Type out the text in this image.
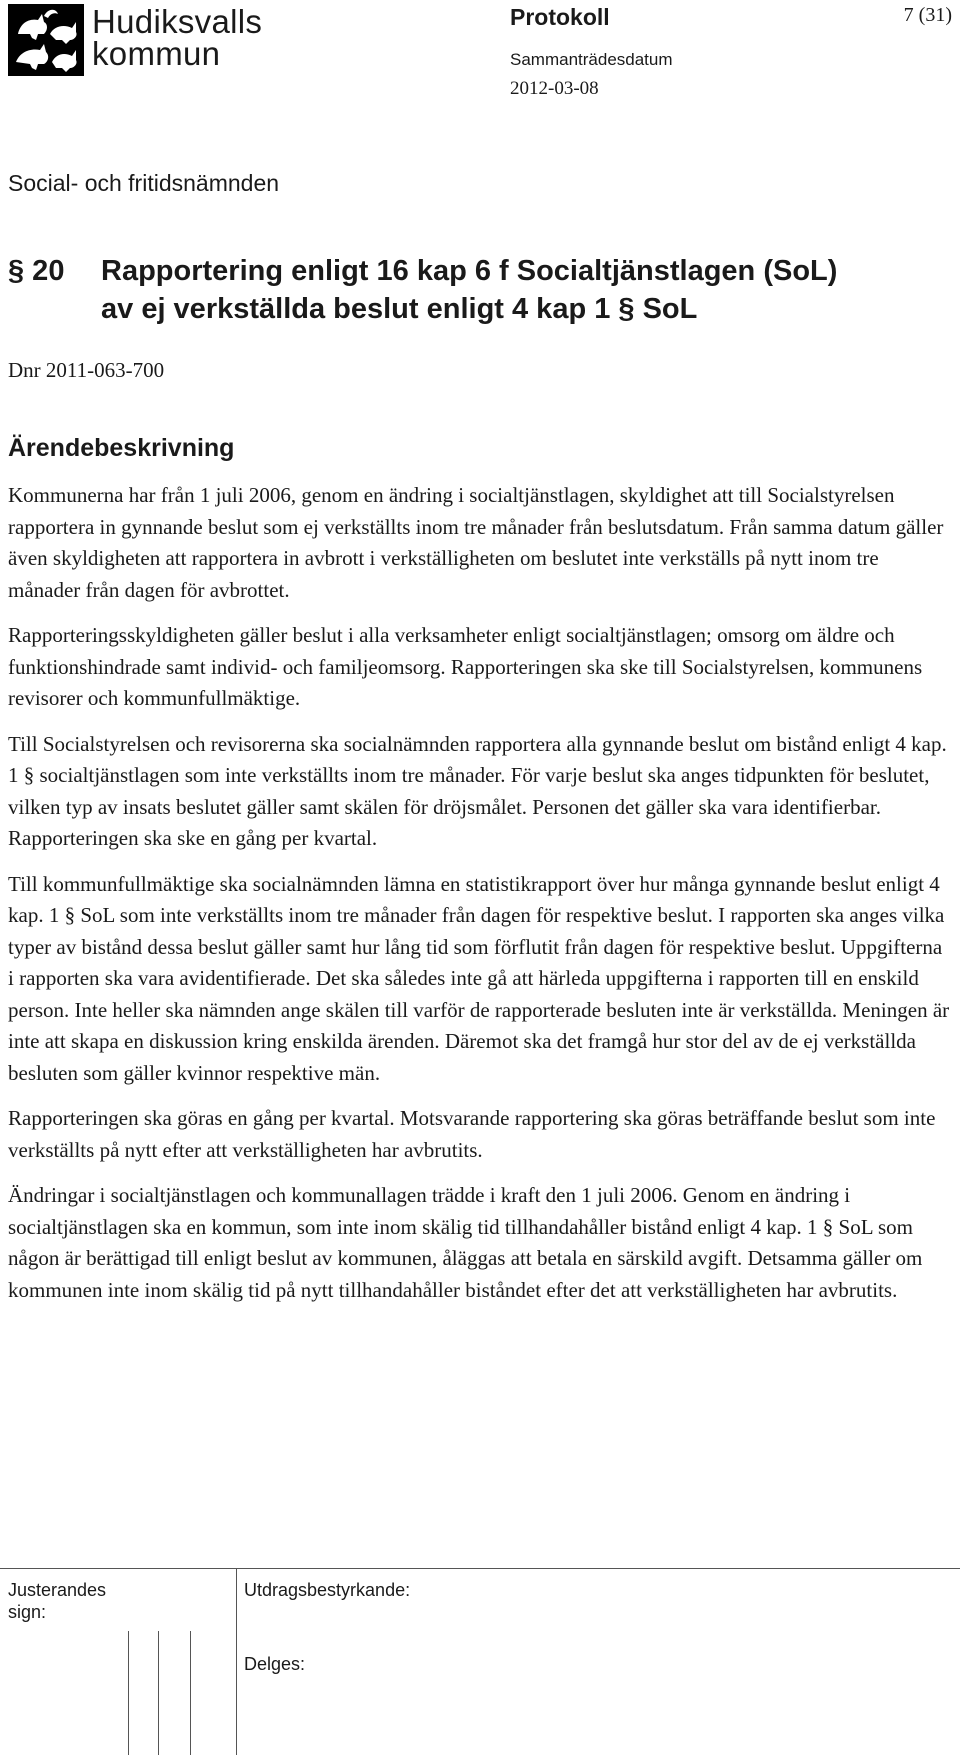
Hudiksvalls
kommun
Protokoll	7 (31)
Sammanträdesdatum
2012-03-08
Social- och fritidsnämnden
§ 20 Rapportering enligt 16 kap 6 f Socialtjänstlagen (SoL)
av ej verkställda beslut enligt 4 kap 1 § SoL
Dnr 2011-063-700
Ärendebeskrivning

Kommunerna har från 1 juli 2006, genom en ändring i socialtjänstlagen, skyldighet att till Socialstyrelsen rapportera in gynnande beslut som ej verkställts inom tre månader från beslutsdatum. Från samma datum gäller även skyldigheten att rapportera in avbrott i verkställigheten om beslutet inte verkställs på nytt inom tre månader från dagen för avbrottet.

Rapporteringsskyldigheten gäller beslut i alla verksamheter enligt socialtjänstlagen; omsorg om äldre och funktionshindrade samt individ- och familjeomsorg. Rapporteringen ska ske till Socialstyrelsen, kommunens revisorer och kommunfullmäktige.

Till Socialstyrelsen och revisorerna ska socialnämnden rapportera alla gynnande beslut om bistånd enligt 4 kap. 1 § socialtjänstlagen som inte verkställts inom tre månader. För varje beslut ska anges tidpunkten för beslutet, vilken typ av insats beslutet gäller samt skälen för dröjsmålet. Personen det gäller ska vara identifierbar. Rapporteringen ska ske en gång per kvartal.

Till kommunfullmäktige ska socialnämnden lämna en statistikrapport över hur många gynnande beslut enligt 4 kap. 1 § SoL som inte verkställts inom tre månader från dagen för respektive beslut. I rapporten ska anges vilka typer av bistånd dessa beslut gäller samt hur lång tid som förflutit från dagen för respektive beslut. Uppgifterna i rapporten ska vara avidentifierade. Det ska således inte gå att härleda uppgifterna i rapporten till en enskild person. Inte heller ska nämnden ange skälen till varför de rapporterade besluten inte är verkställda. Meningen är inte att skapa en diskussion kring enskilda ärenden. Däremot ska det framgå hur stor del av de ej verkställda besluten som gäller kvinnor respektive män.

Rapporteringen ska göras en gång per kvartal. Motsvarande rapportering ska göras beträffande beslut som inte verkställts på nytt efter att verkställigheten har avbrutits.

Ändringar i socialtjänstlagen och kommunallagen trädde i kraft den 1 juli 2006. Genom en ändring i socialtjänstlagen ska en kommun, som inte inom skälig tid tillhandahåller bistånd enligt 4 kap. 1 § SoL som någon är berättigad till enligt beslut av kommunen, åläggas att betala en särskild avgift. Detsamma gäller om kommunen inte inom skälig tid på nytt tillhandahåller biståndet efter det att verkställigheten har avbrutits.

Justerandes
sign:
Utdragsbestyrkande:
Delges:
